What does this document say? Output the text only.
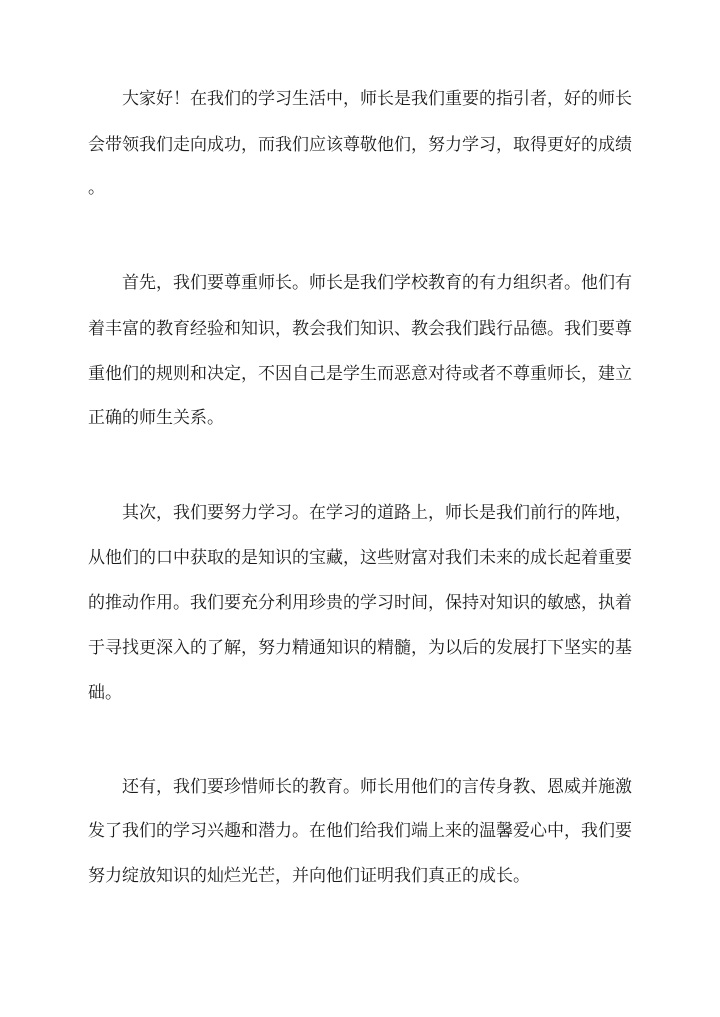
大家好！在我们的学习生活中，师长是我们重要的指引者，好的师长
会带领我们走向成功，而我们应该尊敬他们，努力学习，取得更好的成绩
。
首先，我们要尊重师长。师长是我们学校教育的有力组织者。他们有
着丰富的教育经验和知识，教会我们知识、教会我们践行品德。我们要尊
重他们的规则和决定，不因自己是学生而恶意对待或者不尊重师长，建立
正确的师生关系。
其次，我们要努力学习。在学习的道路上，师长是我们前行的阵地，
从他们的口中获取的是知识的宝藏，这些财富对我们未来的成长起着重要
的推动作用。我们要充分利用珍贵的学习时间，保持对知识的敏感，执着
于寻找更深入的了解，努力精通知识的精髓，为以后的发展打下坚实的基
础。
还有，我们要珍惜师长的教育。师长用他们的言传身教、恩威并施激
发了我们的学习兴趣和潜力。在他们给我们端上来的温馨爱心中，我们要
努力绽放知识的灿烂光芒，并向他们证明我们真正的成长。
